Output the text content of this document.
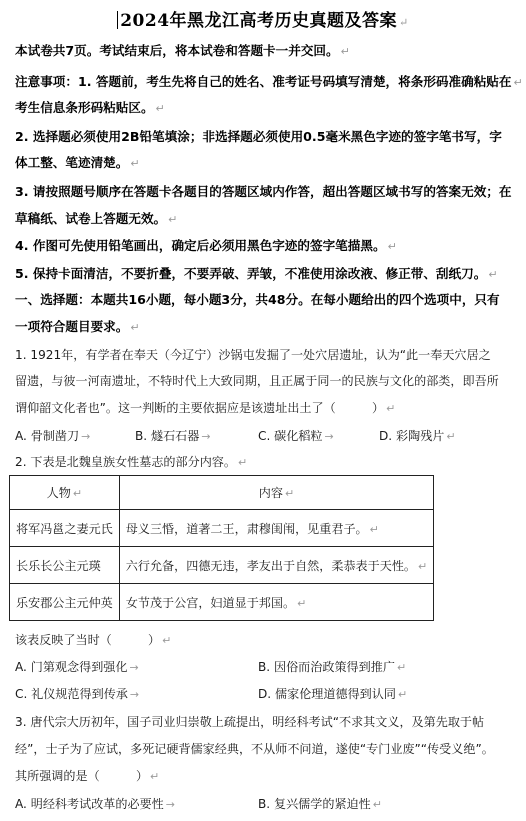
2024年黑龙江高考历史真题及答案 ↵
本试卷共7页。考试结束后，将本试卷和答题卡一并交回。 ↵
注意事项：1. 答题前，考生先将自己的姓名、准考证号码填写清楚，将条形码准确粘贴在 ↵
考生信息条形码粘贴区。 ↵
2. 选择题必须使用2B铅笔填涂；非选择题必须使用0.5毫米黑色字迹的签字笔书写，字
体工整、笔迹清楚。 ↵
3. 请按照题号顺序在答题卡各题目的答题区域内作答，超出答题区域书写的答案无效；在
草稿纸、试卷上答题无效。 ↵
4. 作图可先使用铅笔画出，确定后必须用黑色字迹的签字笔描黑。 ↵
5. 保持卡面清洁，不要折叠，不要弄破、弄皱，不准使用涂改液、修正带、刮纸刀。 ↵
一、选择题：本题共16小题，每小题3分，共48分。在每小题给出的四个选项中，只有
一项符合题目要求。 ↵
1. 1921年，有学者在奉天（今辽宁）沙锅屯发掘了一处穴居遗址，认为“此一奉天穴居之
留遗，与彼一河南遗址，不特时代上大致同期，且正属于同一的民族与文化的部类，即吾所
谓仰韶文化者也”。这一判断的主要依据应是该遗址出土了（　　　） ↵
A. 骨制凿刀 →	B. 燧石石器 →	C. 碳化稻粒 →	D. 彩陶残片 ↵
2. 下表是北魏皇族女性墓志的部分内容。 ↵
人物 ↵	内容 ↵
将军冯邕之妻元氏	母义三惛，道著二王，肃穆闺闱，见重君子。 ↵
长乐长公主元瑛	六行允备，四德无违，孝友出于自然，柔恭表于天性。 ↵
乐安郡公主元仲英	女节茂于公宫，妇道显于邦国。 ↵
该表反映了当时（　　　） ↵
A. 门第观念得到强化 →	B. 因俗而治政策得到推广 ↵
C. 礼仪规范得到传承 →	D. 儒家伦理道德得到认同 ↵
3. 唐代宗大历初年，国子司业归崇敬上疏提出，明经科考试“不求其文义，及第先取于帖
经”，士子为了应试，多死记硬背儒家经典，不从师不问道，遂使“专门业废”“传受义绝”。
其所强调的是（　　　） ↵
A. 明经科考试改革的必要性 →	B. 复兴儒学的紧迫性 ↵
